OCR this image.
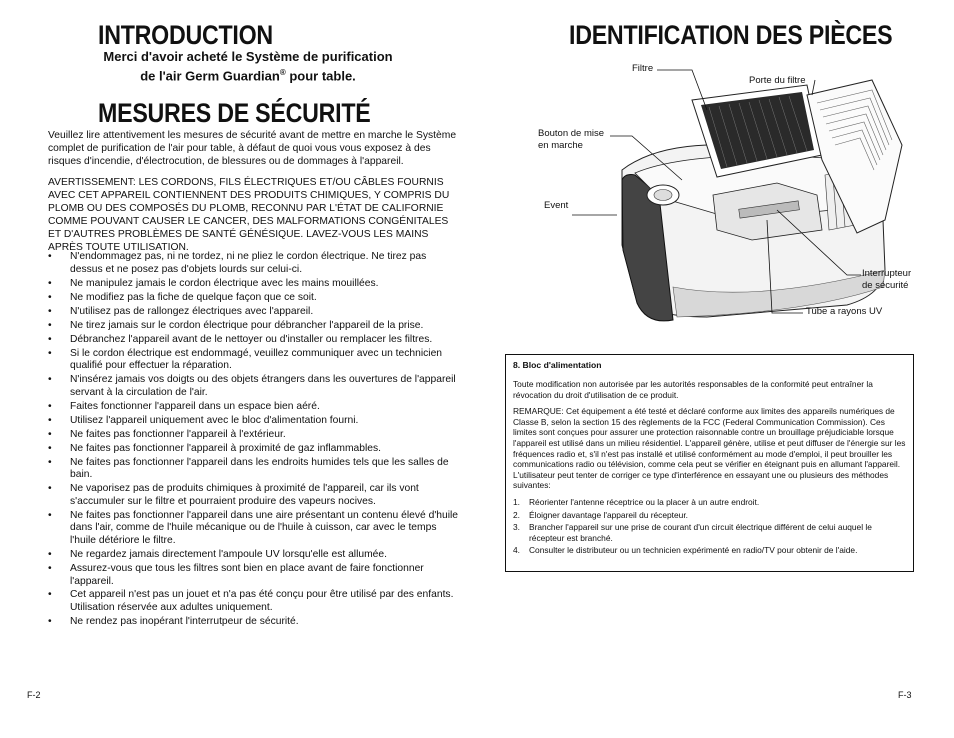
INTRODUCTION
Merci d'avoir acheté le Système de purification
de l'air Germ Guardian® pour table.
MESURES DE SÉCURITÉ
Veuillez lire attentivement les mesures de sécurité avant de mettre en marche le Système complet de purification de l'air pour table, à défaut de quoi vous vous exposez à des risques d'incendie, d'électrocution, de blessures ou de dommages à l'appareil.
AVERTISSEMENT: LES CORDONS, FILS ÉLECTRIQUES ET/OU CÂBLES FOURNIS AVEC CET APPAREIL CONTIENNENT DES PRODUITS CHIMIQUES, Y COMPRIS DU PLOMB OU DES COMPOSÉS DU PLOMB, RECONNU PAR L'ÉTAT DE CALIFORNIE COMME POUVANT CAUSER LE CANCER, DES MALFORMATIONS CONGÉNITALES ET D'AUTRES PROBLÈMES DE SANTÉ GÉNÉSIQUE. LAVEZ-VOUS LES MAINS APRÈS TOUTE UTILISATION.
• N'endommagez pas, ni ne tordez, ni ne pliez le cordon électrique. Ne tirez pas dessus et ne posez pas d'objets lourds sur celui-ci.
• Ne manipulez jamais le cordon électrique avec les mains mouillées.
• Ne modifiez pas la fiche de quelque façon que ce soit.
• N'utilisez pas de rallongez électriques avec l'appareil.
• Ne tirez jamais sur le cordon électrique pour débrancher l'appareil de la prise.
• Débranchez l'appareil avant de le nettoyer ou d'installer ou remplacer les filtres.
• Si le cordon électrique est endommagé, veuillez communiquer avec un technicien qualifié pour effectuer la réparation.
• N'insérez jamais vos doigts ou des objets étrangers dans les ouvertures de l'appareil servant à la circulation de l'air.
• Faites fonctionner l'appareil dans un espace bien aéré.
• Utilisez l'appareil uniquement avec le bloc d'alimentation fourni.
• Ne faites pas fonctionner l'appareil à l'extérieur.
• Ne faites pas fonctionner l'appareil à proximité de gaz inflammables.
• Ne faites pas fonctionner l'appareil dans les endroits humides tels que les salles de bain.
• Ne vaporisez pas de produits chimiques à proximité de l'appareil, car ils vont s'accumuler sur le filtre et pourraient produire des vapeurs nocives.
• Ne faites pas fonctionner l'appareil dans une aire présentant un contenu élevé d'huile dans l'air, comme de l'huile mécanique ou de l'huile à cuisson, car avec le temps l'huile détériore le filtre.
• Ne regardez jamais directement l'ampoule UV lorsqu'elle est allumée.
• Assurez-vous que tous les filtres sont bien en place avant de faire fonctionner l'appareil.
• Cet appareil n'est pas un jouet et n'a pas été conçu pour être utilisé par des enfants. Utilisation réservée aux adultes uniquement.
• Ne rendez pas inopérant l'interrutpeur de sécurité.
F-2
IDENTIFICATION DES PIÈCES
Filtre
Porte du filtre
Bouton de mise
en marche
Event
Interrupteur
de sécurité
Tube a rayons UV
8. Bloc d'alimentation

Toute modification non autorisée par les autorités responsables de la conformité peut entraîner la révocation du droit d'utilisation de ce produit.

REMARQUE: Cet équipement a été testé et déclaré conforme aux limites des appareils numériques de Classe B, selon la section 15 des règlements de la FCC (Federal Communication Commission). Ces limites sont conçues pour assurer une protection raisonnable contre un brouillage préjudiciable lorsque l'appareil est utilisé dans un milieu résidentiel. L'appareil génère, utilise et peut diffuser de l'énergie sur les fréquences radio et, s'il n'est pas installé et utilisé conformément au mode d'emploi, il peut brouiller les communications radio ou télévision, comme cela peut se vérifier en éteignant puis en allumant l'appareil. L'utilisateur peut tenter de corriger ce type d'interférence en essayant une ou plusieurs des méthodes suivantes:

1. Réorienter l'antenne réceptrice ou la placer à un autre endroit.
2. Éloigner davantage l'appareil du récepteur.
3. Brancher l'appareil sur une prise de courant d'un circuit électrique différent de celui auquel le récepteur est branché.
4. Consulter le distributeur ou un technicien expérimenté en radio/TV pour obtenir de l'aide.
F-3
